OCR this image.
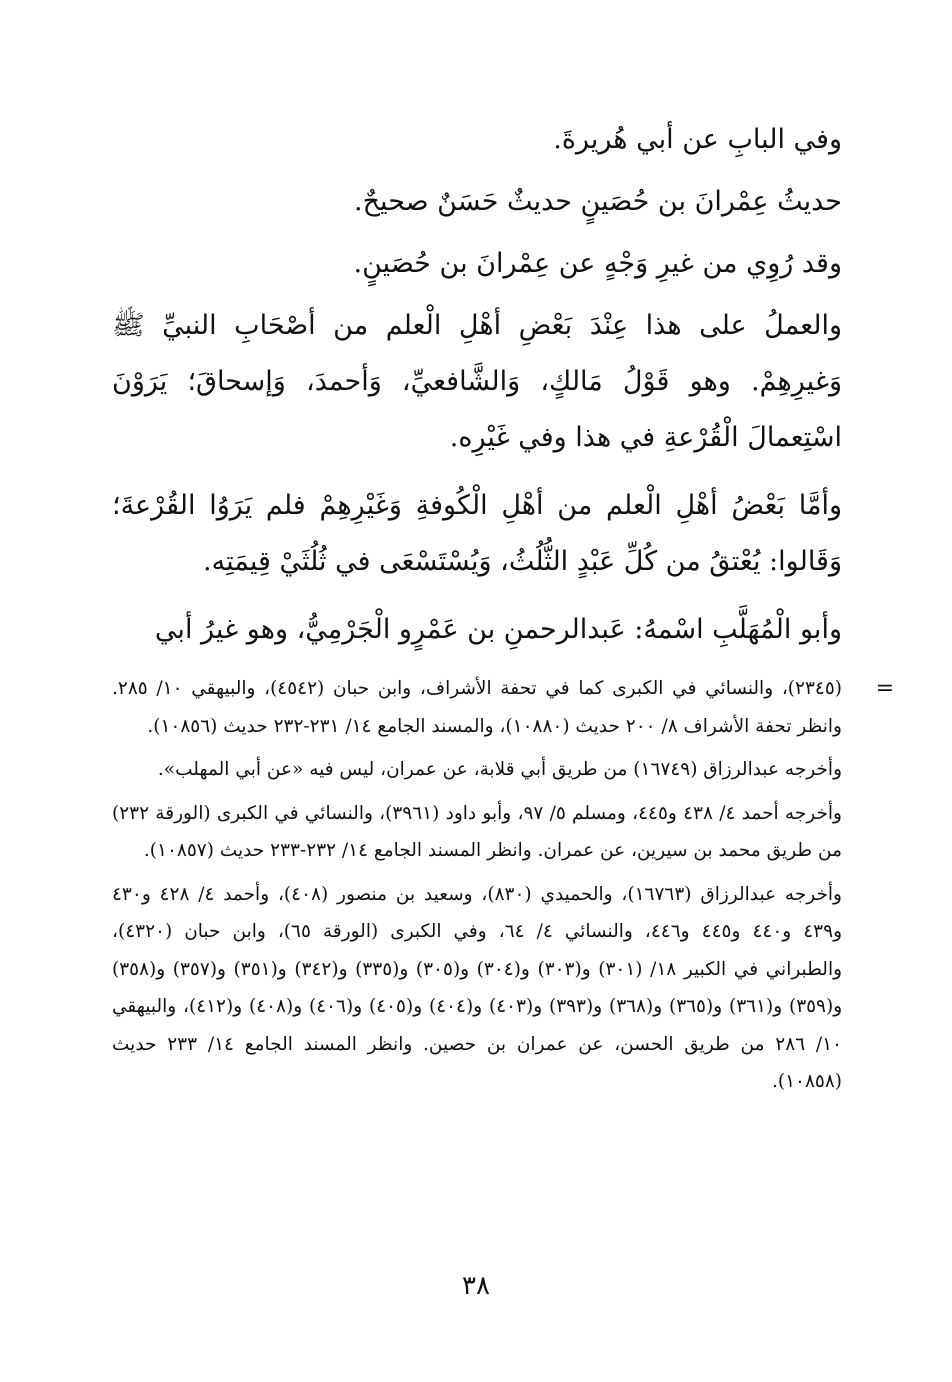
وفي البابِ عن أبي هُريرةَ.

حديثُ عِمْرانَ بن حُصَينٍ حديثٌ حَسَنٌ صحيحٌ.

وقد رُوِي من غيرِ وَجْهٍ عن عِمْرانَ بن حُصَينٍ.

والعملُ على هذا عِنْدَ بَعْضِ أهْلِ الْعلم من أصْحَابِ النبيِّ ﷺ وَغيرِهِمْ. وهو قَوْلُ مَالكٍ، وَالشَّافعيِّ، وَأحمدَ، وَإسحاقَ؛ يَرَوْنَ اسْتِعمالَ الْقُرْعةِ في هذا وفي غَيْرِه.

وأمَّا بَعْضُ أهْلِ الْعلم من أهْلِ الْكُوفةِ وَغَيْرِهِمْ فلم يَرَوُا القُرْعةَ؛ وَقَالوا: يُعْتقُ من كُلِّ عَبْدٍ الثُّلُثُ، وَيُسْتَسْعَى في ثُلُثَيْ قِيمَتِه.

وأبو الْمُهَلَّبِ اسْمهُ: عَبدالرحمنِ بن عَمْرٍو الْجَرْمِيُّ، وهو غيرُ أبي

=

(٢٣٤٥)، والنسائي في الكبرى كما في تحفة الأشراف، وابن حبان (٤٥٤٢)، والبيهقي ١٠/ ٢٨٥. وانظر تحفة الأشراف ٨/ ٢٠٠ حديث (١٠٨٨٠)، والمسند الجامع ١٤/ ٢٣١-٢٣٢ حديث (١٠٨٥٦).

وأخرجه عبدالرزاق (١٦٧٤٩) من طريق أبي قلابة، عن عمران، ليس فيه «عن أبي المهلب».

وأخرجه أحمد ٤/ ٤٣٨ و٤٤٥، ومسلم ٥/ ٩٧، وأبو داود (٣٩٦١)، والنسائي في الكبرى (الورقة ٢٣٢) من طريق محمد بن سيرين، عن عمران. وانظر المسند الجامع ١٤/ ٢٣٢-٢٣٣ حديث (١٠٨٥٧).

وأخرجه عبدالرزاق (١٦٧٦٣)، والحميدي (٨٣٠)، وسعيد بن منصور (٤٠٨)، وأحمد ٤/ ٤٢٨ و٤٣٠ و٤٣٩ و٤٤٠ و٤٤٥ و٤٤٦، والنسائي ٤/ ٦٤، وفي الكبرى (الورقة ٦٥)، وابن حبان (٤٣٢٠)، والطبراني في الكبير ١٨/ (٣٠١) و(٣٠٣) و(٣٠٤) و(٣٠٥) و(٣٣٥) و(٣٤٢) و(٣٥١) و(٣٥٧) و(٣٥٨) و(٣٥٩) و(٣٦١) و(٣٦٥) و(٣٦٨) و(٣٩٣) و(٤٠٣) و(٤٠٤) و(٤٠٥) و(٤٠٦) و(٤٠٨) و(٤١٢)، والبيهقي ١٠/ ٢٨٦ من طريق الحسن، عن عمران بن حصين. وانظر المسند الجامع ١٤/ ٢٣٣ حديث (١٠٨٥٨).

٣٨
